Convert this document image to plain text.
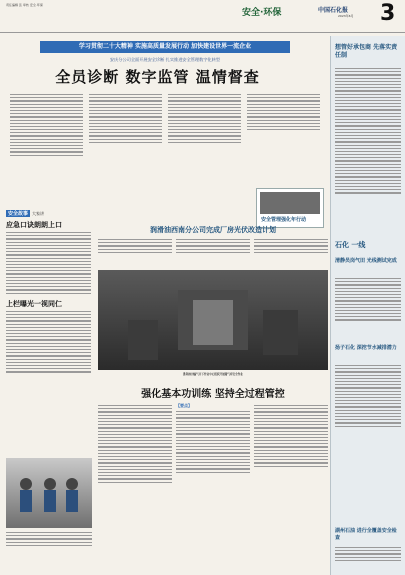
责任编辑 张 审核 安全·环保
安全·环保	中国石化报
2023年6月 3
学习贯彻二十大精神 实施高质量发展行动 加快建设世界一流企业
安庆分公司全面开展安全诊断 扎实推进安全管理数字化转型
全员诊断 数字监管 温情督查
安全管理强化年行动
安全故事	大家讲
应急口诀朗朗上口
上栏曝光一视同仁
润滑油西南分公司完成厂房光伏改造计划
胜利油田输气井下作业中心组织开展储气库安全作业
强化基本功训练 坚持全过程管控
【要点】
想管好承包商 先落实责任制
石化 一线
清静员岗气田 光线测试完成
扬子石化 深挖节水减排潜力
湖州石油 进行全覆盖安全检查
